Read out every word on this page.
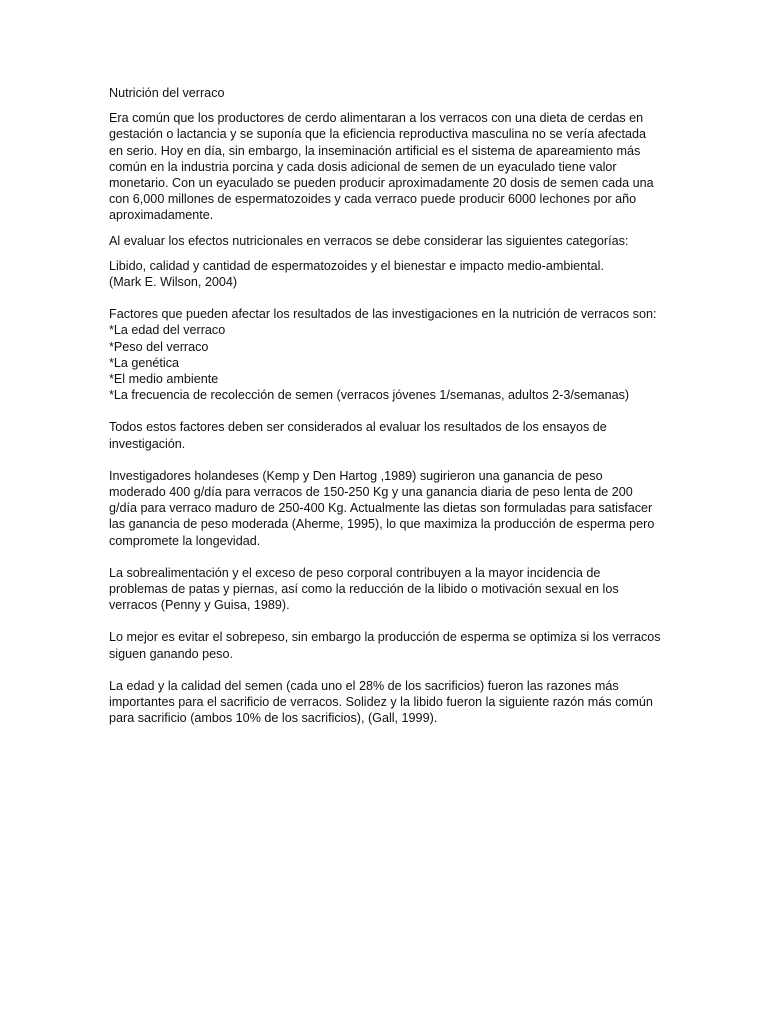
Nutrición del verraco

Era común que los productores de cerdo alimentaran a los verracos con una dieta de cerdas en gestación o lactancia y se suponía que la eficiencia reproductiva masculina no se vería afectada en serio. Hoy en día, sin embargo, la inseminación artificial es el sistema de apareamiento más común en la industria porcina y cada dosis adicional de semen de un eyaculado tiene valor monetario. Con un eyaculado se pueden producir aproximadamente 20 dosis de semen cada una con 6,000 millones de espermatozoides y cada verraco puede producir 6000 lechones por año aproximadamente.

Al evaluar los efectos nutricionales en verracos se debe considerar las siguientes categorías:

Libido, calidad y cantidad de espermatozoides y el bienestar e impacto medio-ambiental.

(Mark E. Wilson, 2004)

Factores que pueden afectar los resultados de las investigaciones en la nutrición de verracos son:

*La edad del verraco
*Peso del verraco
*La genética
*El medio ambiente
*La frecuencia de recolección de semen (verracos jóvenes 1/semanas, adultos 2-3/semanas)

Todos estos factores deben ser considerados al evaluar los resultados de los ensayos de investigación.

Investigadores holandeses (Kemp y Den Hartog ,1989) sugirieron una ganancia de peso moderado 400 g/día para verracos de 150-250 Kg y una ganancia diaria de peso lenta de 200 g/día para verraco maduro de 250-400 Kg. Actualmente las dietas son formuladas para satisfacer las ganancia de peso moderada (Aherme, 1995), lo que maximiza la producción de esperma pero compromete la longevidad.

La sobrealimentación y el exceso de peso corporal contribuyen a la mayor incidencia de problemas de patas y piernas, así como la reducción de la libido o motivación sexual en los verracos (Penny y Guisa, 1989).

Lo mejor es evitar el sobrepeso, sin embargo la producción de esperma se optimiza si los verracos siguen ganando peso.

La edad y la calidad del semen (cada uno el 28% de los sacrificios) fueron las razones más importantes para el sacrificio de verracos. Solidez y la libido fueron la siguiente razón más común para sacrificio (ambos 10% de los sacrificios), (Gall, 1999).
